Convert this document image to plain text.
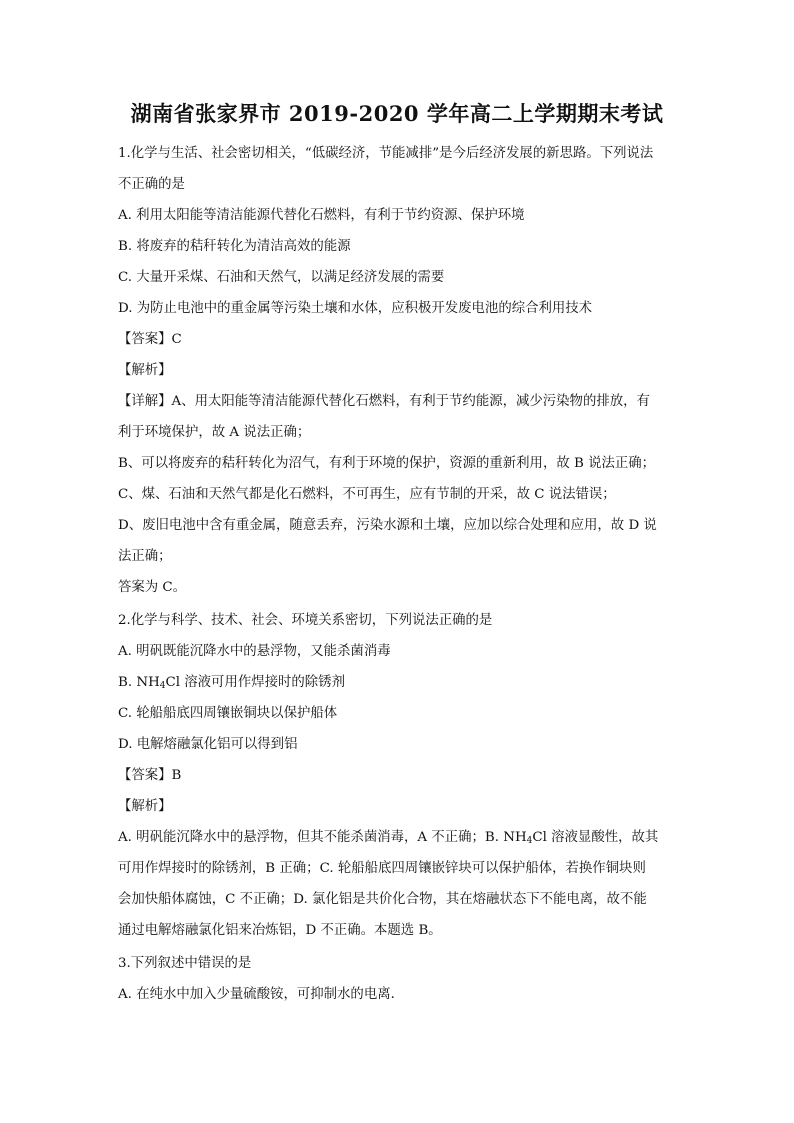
湖南省张家界市 2019-2020 学年高二上学期期末考试
1.化学与生活、社会密切相关，“低碳经济，节能减排”是今后经济发展的新思路。下列说法
不正确的是
A. 利用太阳能等清洁能源代替化石燃料，有利于节约资源、保护环境
B. 将废弃的秸秆转化为清洁高效的能源
C. 大量开采煤、石油和天然气，以满足经济发展的需要
D. 为防止电池中的重金属等污染土壤和水体，应积极开发废电池的综合利用技术
【答案】C
【解析】
【详解】A、用太阳能等清洁能源代替化石燃料，有利于节约能源，减少污染物的排放，有
利于环境保护，故 A 说法正确；
B、可以将废弃的秸秆转化为沼气，有利于环境的保护，资源的重新利用，故 B 说法正确；
C、煤、石油和天然气都是化石燃料，不可再生，应有节制的开采，故 C 说法错误；
D、废旧电池中含有重金属，随意丢弃，污染水源和土壤，应加以综合处理和应用，故 D 说
法正确；
答案为 C。
2.化学与科学、技术、社会、环境关系密切，下列说法正确的是
A. 明矾既能沉降水中的悬浮物，又能杀菌消毒
B. $NH_4Cl$ 溶液可用作焊接时的除锈剂
C. 轮船船底四周镶嵌铜块以保护船体
D. 电解熔融氯化铝可以得到铝
【答案】B
【解析】
A. 明矾能沉降水中的悬浮物，但其不能杀菌消毒，A 不正确；B. $NH_4Cl$ 溶液显酸性，故其
可用作焊接时的除锈剂，B 正确；C. 轮船船底四周镶嵌锌块可以保护船体，若换作铜块则
会加快船体腐蚀，C 不正确；D. 氯化铝是共价化合物，其在熔融状态下不能电离，故不能
通过电解熔融氯化铝来冶炼铝，D 不正确。本题选 B。
3.下列叙述中错误的是
A. 在纯水中加入少量硫酸铵，可抑制水的电离．
